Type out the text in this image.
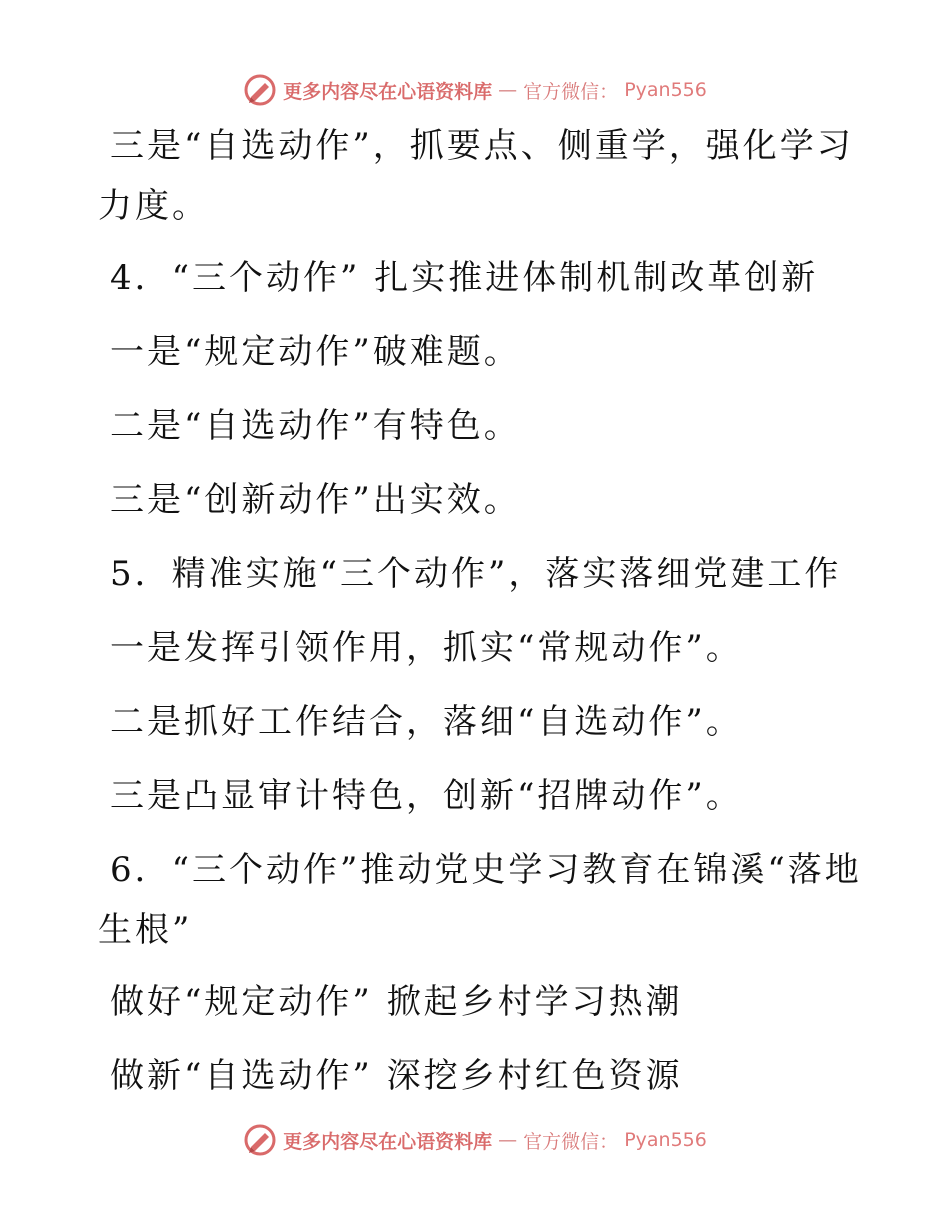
更多内容尽在心语资料库 — 官方微信： Pyan556
三是“自选动作”，抓要点、侧重学，强化学习
力度。
4．“三个动作” 扎实推进体制机制改革创新
一是“规定动作”破难题。
二是“自选动作”有特色。
三是“创新动作”出实效。
5．精准实施“三个动作”，落实落细党建工作
一是发挥引领作用，抓实“常规动作”。
二是抓好工作结合，落细“自选动作”。
三是凸显审计特色，创新“招牌动作”。
6．“三个动作”推动党史学习教育在锦溪“落地
生根”
做好“规定动作” 掀起乡村学习热潮
做新“自选动作” 深挖乡村红色资源
更多内容尽在心语资料库 — 官方微信： Pyan556
